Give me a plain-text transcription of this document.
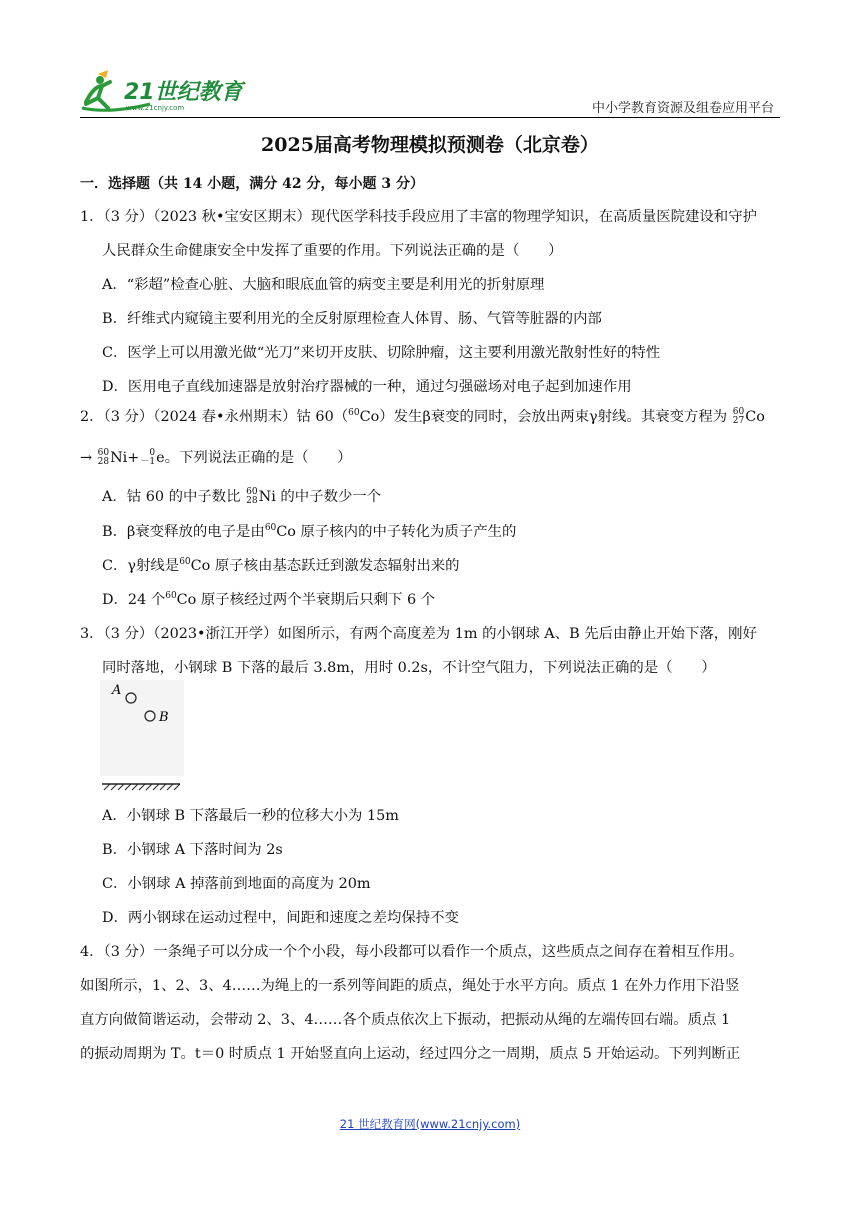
21世纪教育
www.21cnjy.com	中小学教育资源及组卷应用平台
2025届高考物理模拟预测卷（北京卷）
一．选择题（共 14 小题，满分 42 分，每小题 3 分）
1．（3 分）（2023 秋•宝安区期末）现代医学科技手段应用了丰富的物理学知识，在高质量医院建设和守护
人民群众生命健康安全中发挥了重要的作用。下列说法正确的是（　　）
A．“彩超”检查心脏、大脑和眼底血管的病变主要是利用光的折射原理
B．纤维式内窥镜主要利用光的全反射原理检查人体胃、肠、气管等脏器的内部
C．医学上可以用激光做“光刀”来切开皮肤、切除肿瘤，这主要利用激光散射性好的特性
D．医用电子直线加速器是放射治疗器械的一种，通过匀强磁场对电子起到加速作用
2．（3 分）（2024 春•永州期末）钴 60（$^{60}$Co）发生β衰变的同时，会放出两束γ射线。其衰变方程为 60
27 Co
→ 60
28 Ni+	0
－1 e。下列说法正确的是（　　）
A．钴 60 的中子数比 60
28 Ni 的中子数少一个
B．β衰变释放的电子是由$^{60}$Co 原子核内的中子转化为质子产生的
C．γ射线是$^{60}$Co 原子核由基态跃迁到激发态辐射出来的
D．24 个$^{60}$Co 原子核经过两个半衰期后只剩下 6 个
3．（3 分）（2023•浙江开学）如图所示，有两个高度差为 1m 的小钢球 A、B 先后由静止开始下落，刚好
同时落地，小钢球 B 下落的最后 3.8m，用时 0.2s，不计空气阻力，下列说法正确的是（　　）
A
B
A．小钢球 B 下落最后一秒的位移大小为 15m
B．小钢球 A 下落时间为 2s
C．小钢球 A 掉落前到地面的高度为 20m
D．两小钢球在运动过程中，间距和速度之差均保持不变
4．（3 分）一条绳子可以分成一个个小段，每小段都可以看作一个质点，这些质点之间存在着相互作用。
如图所示，1、2、3、4……为绳上的一系列等间距的质点，绳处于水平方向。质点 1 在外力作用下沿竖
直方向做简谐运动，会带动 2、3、4……各个质点依次上下振动，把振动从绳的左端传回右端。质点 1
的振动周期为 T。t＝0 时质点 1 开始竖直向上运动，经过四分之一周期，质点 5 开始运动。下列判断正
21 世纪教育网(www.21cnjy.com)
